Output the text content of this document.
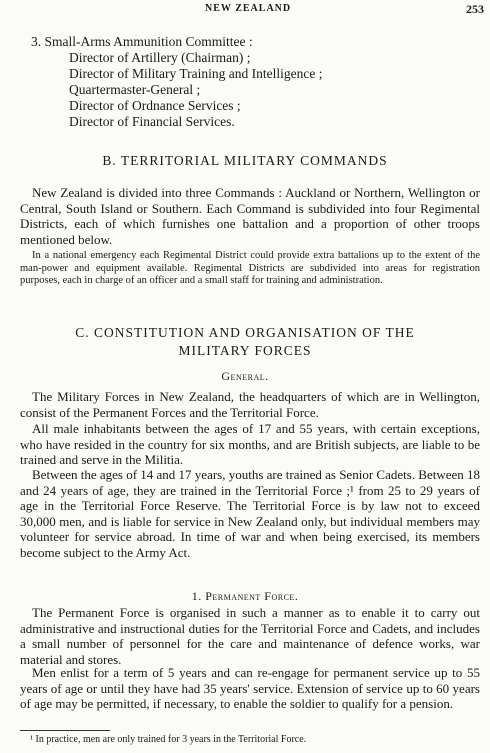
NEW ZEALAND	253
3. Small-Arms Ammunition Committee :
Director of Artillery (Chairman) ;
Director of Military Training and Intelligence ;
Quartermaster-General ;
Director of Ordnance Services ;
Director of Financial Services.
B. TERRITORIAL MILITARY COMMANDS

New Zealand is divided into three Commands : Auckland or Northern, Wellington or Central, South Island or Southern. Each Command is subdivided into four Regimental Districts, each of which furnishes one battalion and a proportion of other troops mentioned below.

In a national emergency each Regimental District could provide extra battalions up to the extent of the man-power and equipment available. Regimental Districts are subdivided into areas for registration purposes, each in charge of an officer and a small staff for training and administration.

C. CONSTITUTION AND ORGANISATION OF THE
MILITARY FORCES
General.

The Military Forces in New Zealand, the headquarters of which are in Wellington, consist of the Permanent Forces and the Territorial Force.

All male inhabitants between the ages of 17 and 55 years, with certain exceptions, who have resided in the country for six months, and are British subjects, are liable to be trained and serve in the Militia.

Between the ages of 14 and 17 years, youths are trained as Senior Cadets. Between 18 and 24 years of age, they are trained in the Territorial Force ;¹ from 25 to 29 years of age in the Territorial Force Reserve. The Territorial Force is by law not to exceed 30,000 men, and is liable for service in New Zealand only, but individual members may volunteer for service abroad. In time of war and when being exercised, its members become subject to the Army Act.

1. Permanent Force.

The Permanent Force is organised in such a manner as to enable it to carry out administrative and instructional duties for the Territorial Force and Cadets, and includes a small number of personnel for the care and maintenance of defence works, war material and stores.

Men enlist for a term of 5 years and can re-engage for permanent service up to 55 years of age or until they have had 35 years' service. Extension of service up to 60 years of age may be permitted, if necessary, to enable the soldier to qualify for a pension.

¹ In practice, men are only trained for 3 years in the Territorial Force.
